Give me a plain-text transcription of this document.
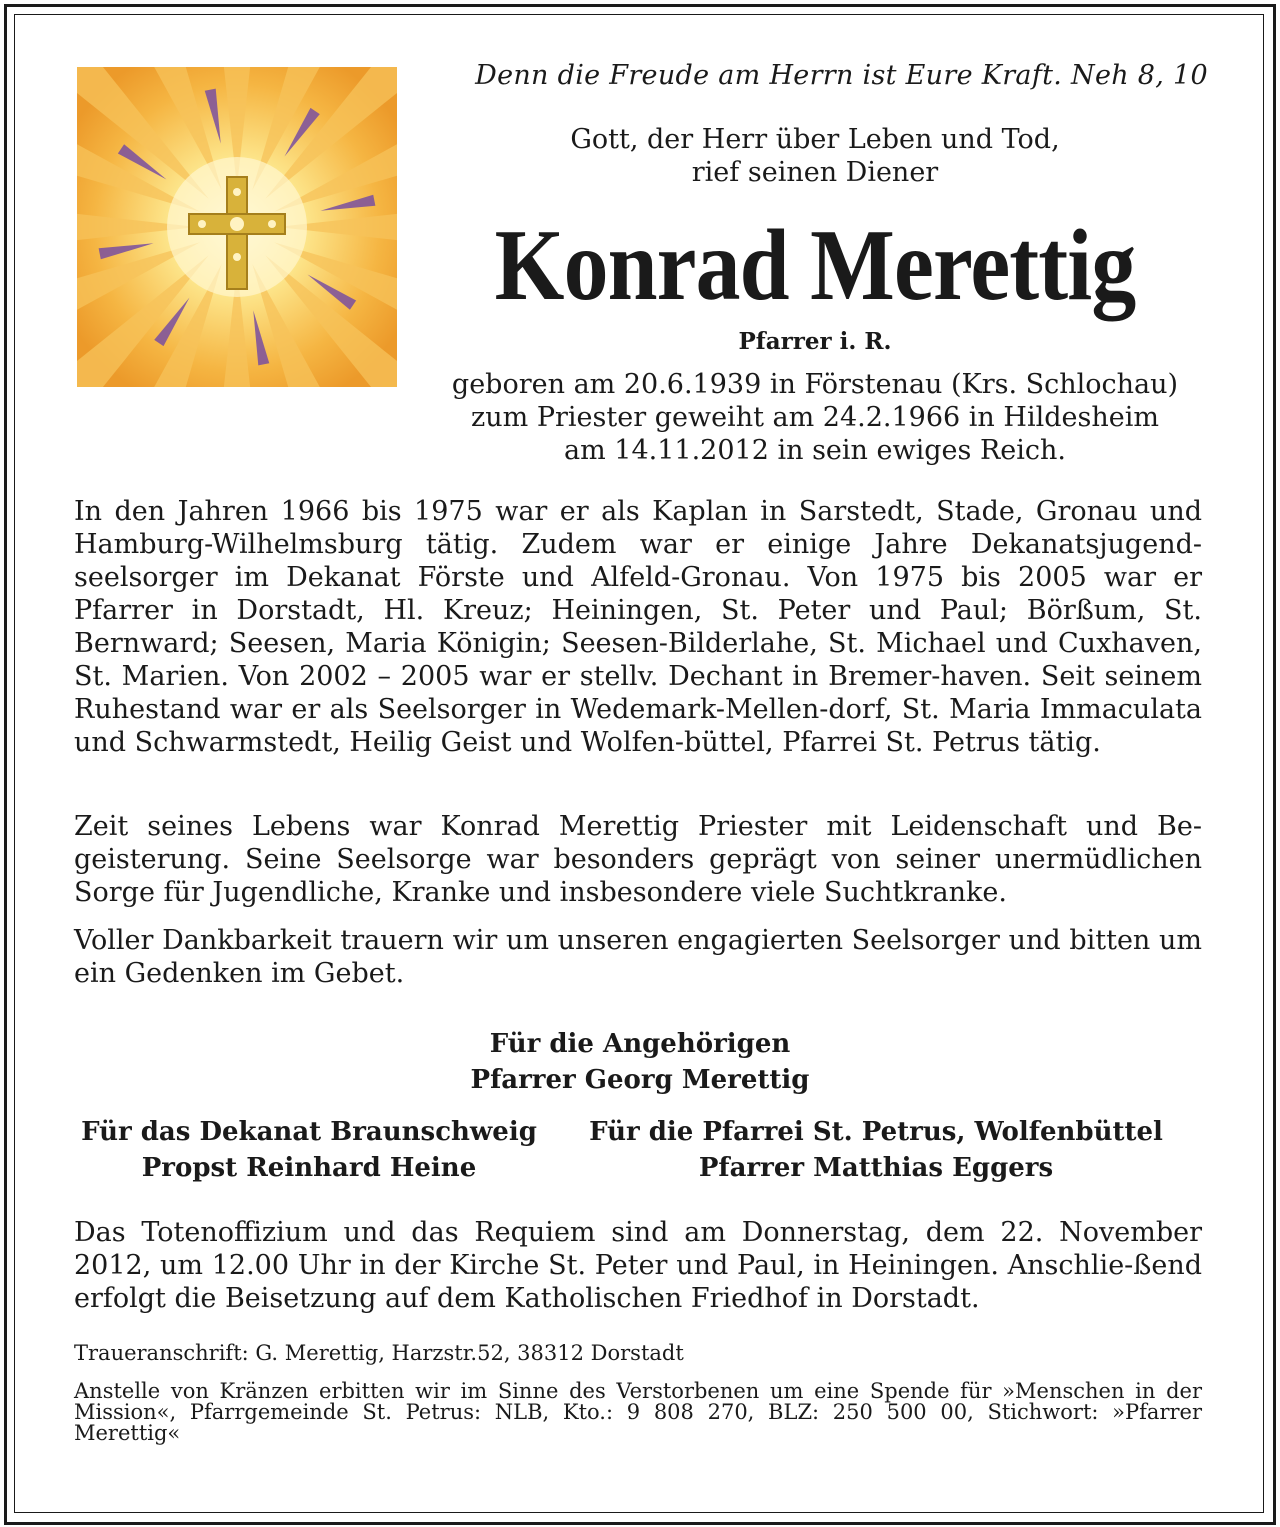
Denn die Freude am Herrn ist Eure Kraft. Neh 8, 10
Gott, der Herr über Leben und Tod,
rief seinen Diener
Konrad Merettig
Pfarrer i. R.
geboren am 20.6.1939 in Förstenau (Krs. Schlochau)
zum Priester geweiht am 24.2.1966 in Hildesheim
am 14.11.2012 in sein ewiges Reich.
In den Jahren 1966 bis 1975 war er als Kaplan in Sarstedt, Stade, Gronau und Hamburg-Wilhelmsburg tätig. Zudem war er einige Jahre Dekanatsjugend-seelsorger im Dekanat Förste und Alfeld-Gronau. Von 1975 bis 2005 war er Pfarrer in Dorstadt, Hl. Kreuz; Heiningen, St. Peter und Paul; Börßum, St. Bernward; Seesen, Maria Königin; Seesen-Bilderlahe, St. Michael und Cuxhaven, St. Marien. Von 2002 – 2005 war er stellv. Dechant in Bremer-haven. Seit seinem Ruhestand war er als Seelsorger in Wedemark-Mellen-dorf, St. Maria Immaculata und Schwarmstedt, Heilig Geist und Wolfen-büttel, Pfarrei St. Petrus tätig.
Zeit seines Lebens war Konrad Merettig Priester mit Leidenschaft und Be-geisterung. Seine Seelsorge war besonders geprägt von seiner unermüdlichen Sorge für Jugendliche, Kranke und insbesondere viele Suchtkranke.
Voller Dankbarkeit trauern wir um unseren engagierten Seelsorger und bitten um ein Gedenken im Gebet.
Für die Angehörigen
Pfarrer Georg Merettig
Für das Dekanat Braunschweig
Propst Reinhard Heine
Für die Pfarrei St. Petrus, Wolfenbüttel
Pfarrer Matthias Eggers
Das Totenoffizium und das Requiem sind am Donnerstag, dem 22. November 2012, um 12.00 Uhr in der Kirche St. Peter und Paul, in Heiningen. Anschlie-ßend erfolgt die Beisetzung auf dem Katholischen Friedhof in Dorstadt.
Traueranschrift: G. Merettig, Harzstr.52, 38312 Dorstadt
Anstelle von Kränzen erbitten wir im Sinne des Verstorbenen um eine Spende für »Menschen in der Mission«, Pfarrgemeinde St. Petrus: NLB, Kto.: 9 808 270, BLZ: 250 500 00, Stichwort: »Pfarrer Merettig«
